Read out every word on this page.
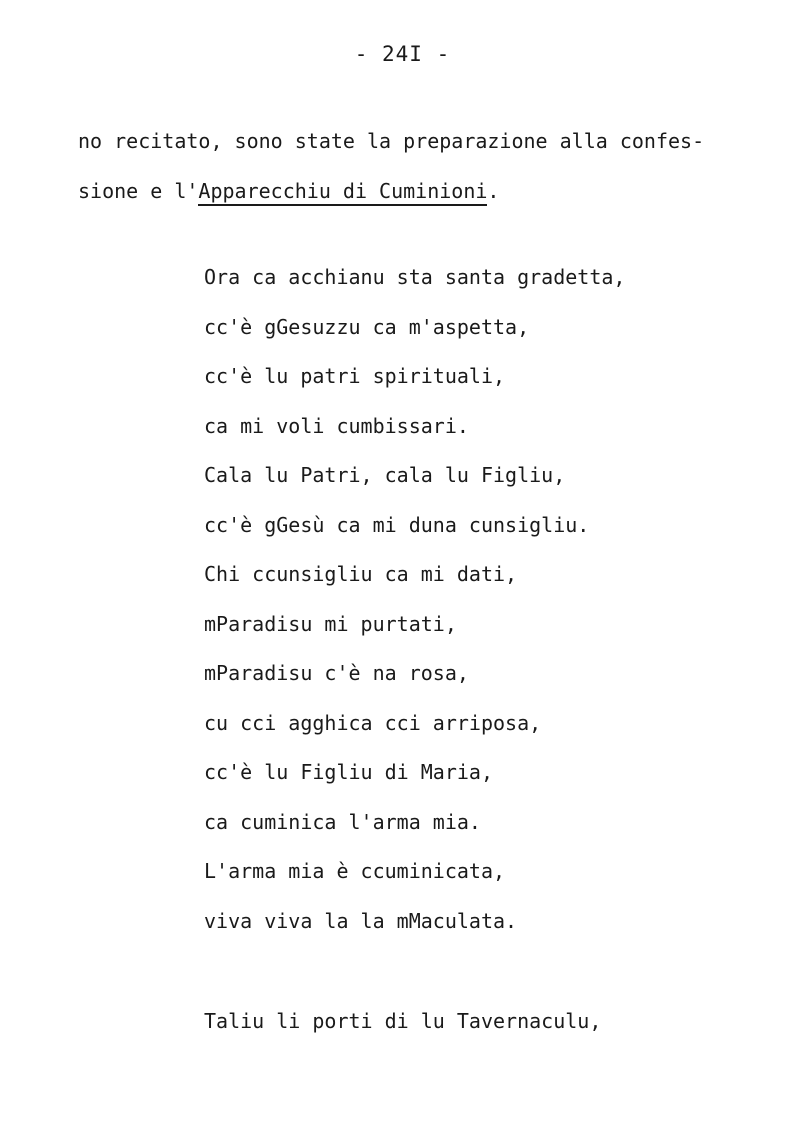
- 24I -
no recitato, sono state la preparazione alla confes-
sione e l'Apparecchiu di Cuminioni.
Ora ca acchianu sta santa gradetta,
cc'è gGesuzzu ca m'aspetta,
cc'è lu patri spirituali,
ca mi voli cumbissari.
Cala lu Patri, cala lu Figliu,
cc'è gGesù ca mi duna cunsigliu.
Chi ccunsigliu ca mi dati,
mParadisu mi purtati,
mParadisu c'è na rosa,
cu cci agghica cci arriposa,
cc'è lu Figliu di Maria,
ca cuminica l'arma mia.
L'arma mia è ccuminicata,
viva viva la la mMaculata.
Taliu li porti di lu Tavernaculu,
